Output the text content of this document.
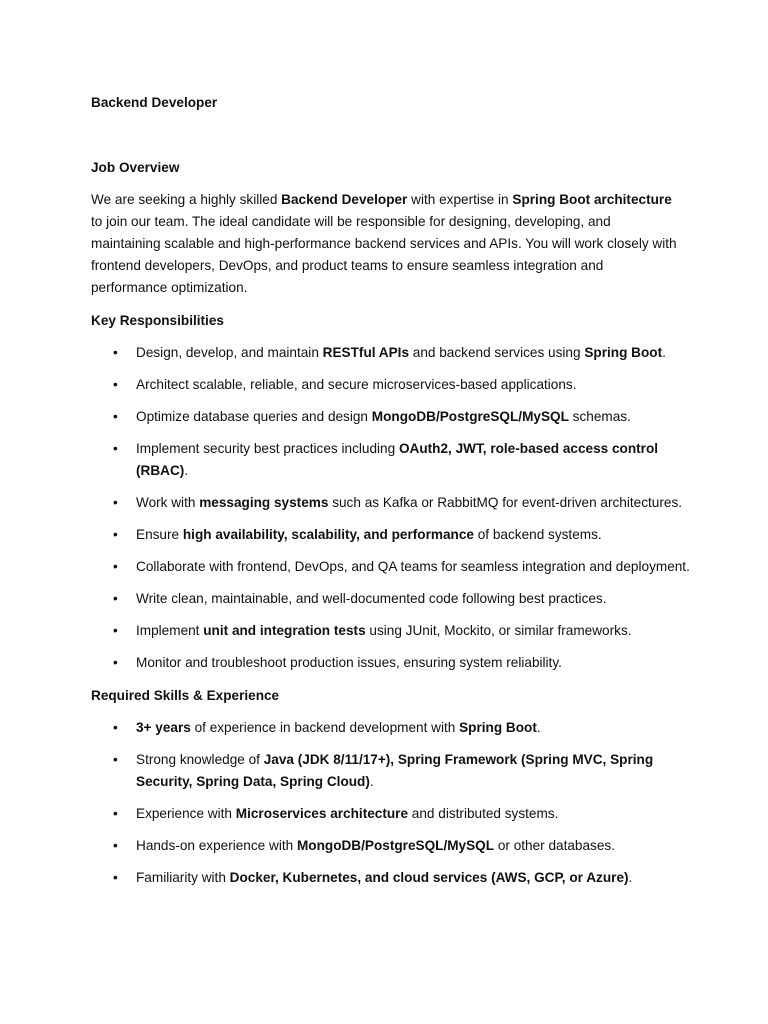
Backend Developer

Job Overview

We are seeking a highly skilled Backend Developer with expertise in Spring Boot architecture to join our team. The ideal candidate will be responsible for designing, developing, and maintaining scalable and high-performance backend services and APIs. You will work closely with frontend developers, DevOps, and product teams to ensure seamless integration and performance optimization.

Key Responsibilities

• Design, develop, and maintain RESTful APIs and backend services using Spring Boot.
• Architect scalable, reliable, and secure microservices-based applications.
• Optimize database queries and design MongoDB/PostgreSQL/MySQL schemas.
• Implement security best practices including OAuth2, JWT, role-based access control (RBAC).
• Work with messaging systems such as Kafka or RabbitMQ for event-driven architectures.
• Ensure high availability, scalability, and performance of backend systems.
• Collaborate with frontend, DevOps, and QA teams for seamless integration and deployment.
• Write clean, maintainable, and well-documented code following best practices.
• Implement unit and integration tests using JUnit, Mockito, or similar frameworks.
• Monitor and troubleshoot production issues, ensuring system reliability.

Required Skills & Experience

• 3+ years of experience in backend development with Spring Boot.
• Strong knowledge of Java (JDK 8/11/17+), Spring Framework (Spring MVC, Spring Security, Spring Data, Spring Cloud).
• Experience with Microservices architecture and distributed systems.
• Hands-on experience with MongoDB/PostgreSQL/MySQL or other databases.
• Familiarity with Docker, Kubernetes, and cloud services (AWS, GCP, or Azure).
